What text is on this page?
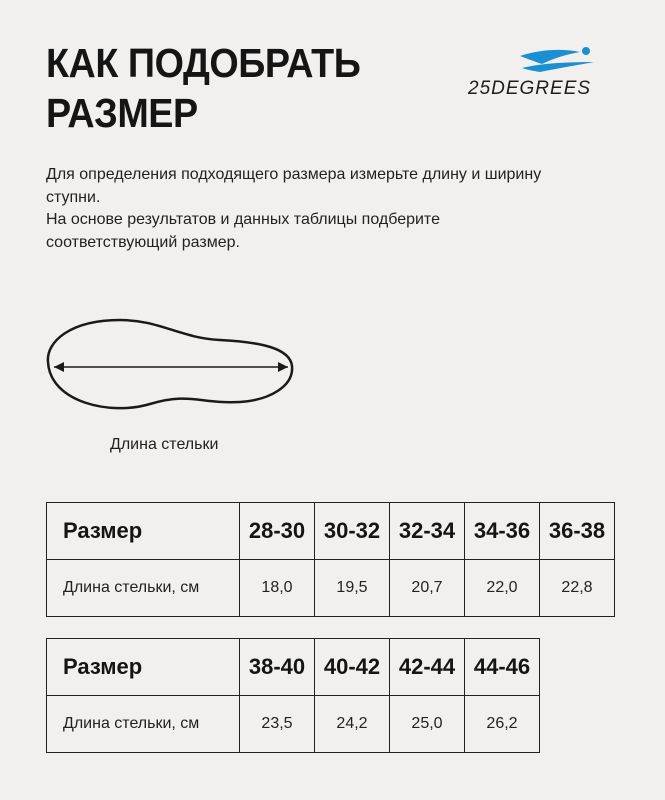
КАК ПОДОБРАТЬ
РАЗМЕР
25DEGREES

Для определения подходящего размера измерьте длину и ширину ступни.

На основе результатов и данных таблицы подберите соответствующий размер.

Длина стельки
Размер	28-30	30-32	32-34	34-36	36-38
Длина стельки, см	18,0	19,5	20,7	22,0	22,8
Размер	38-40	40-42	42-44	44-46
Длина стельки, см	23,5	24,2	25,0	26,2
